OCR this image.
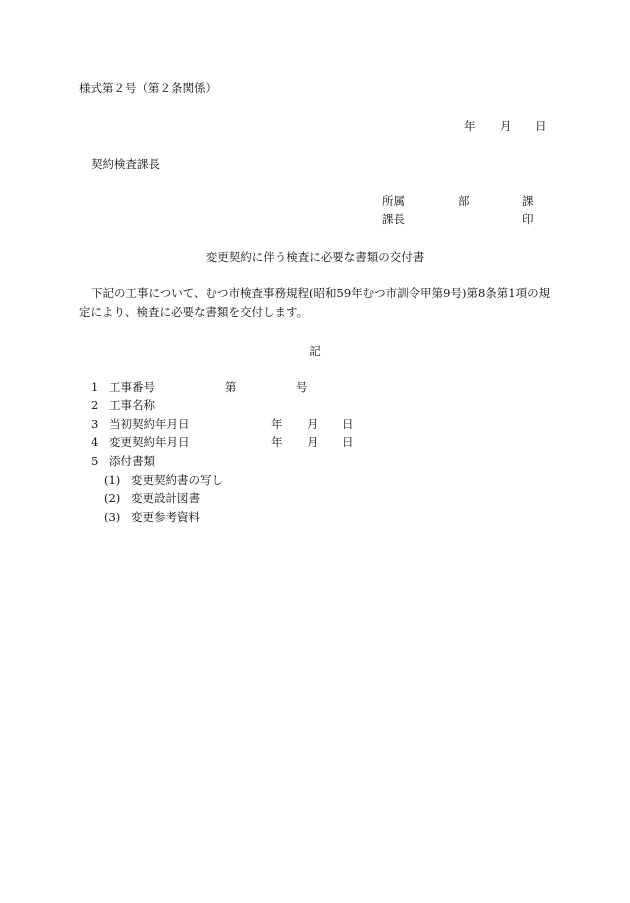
様式第２号（第２条関係）
年 月 日
契約検査課長
所属	部	課
課長	印
変更契約に伴う検査に必要な書類の交付書
下記の工事について、むつ市検査事務規程(昭和59年むつ市訓令甲第9号)第8条第1項の規定により、検査に必要な書類を交付します。
記
1 工事番号	第	号
2 工事名称
3 当初契約年月日	年 月 日
4 変更契約年月日	年 月 日
5 添付書類
(1) 変更契約書の写し
(2) 変更設計図書
(3) 変更参考資料
